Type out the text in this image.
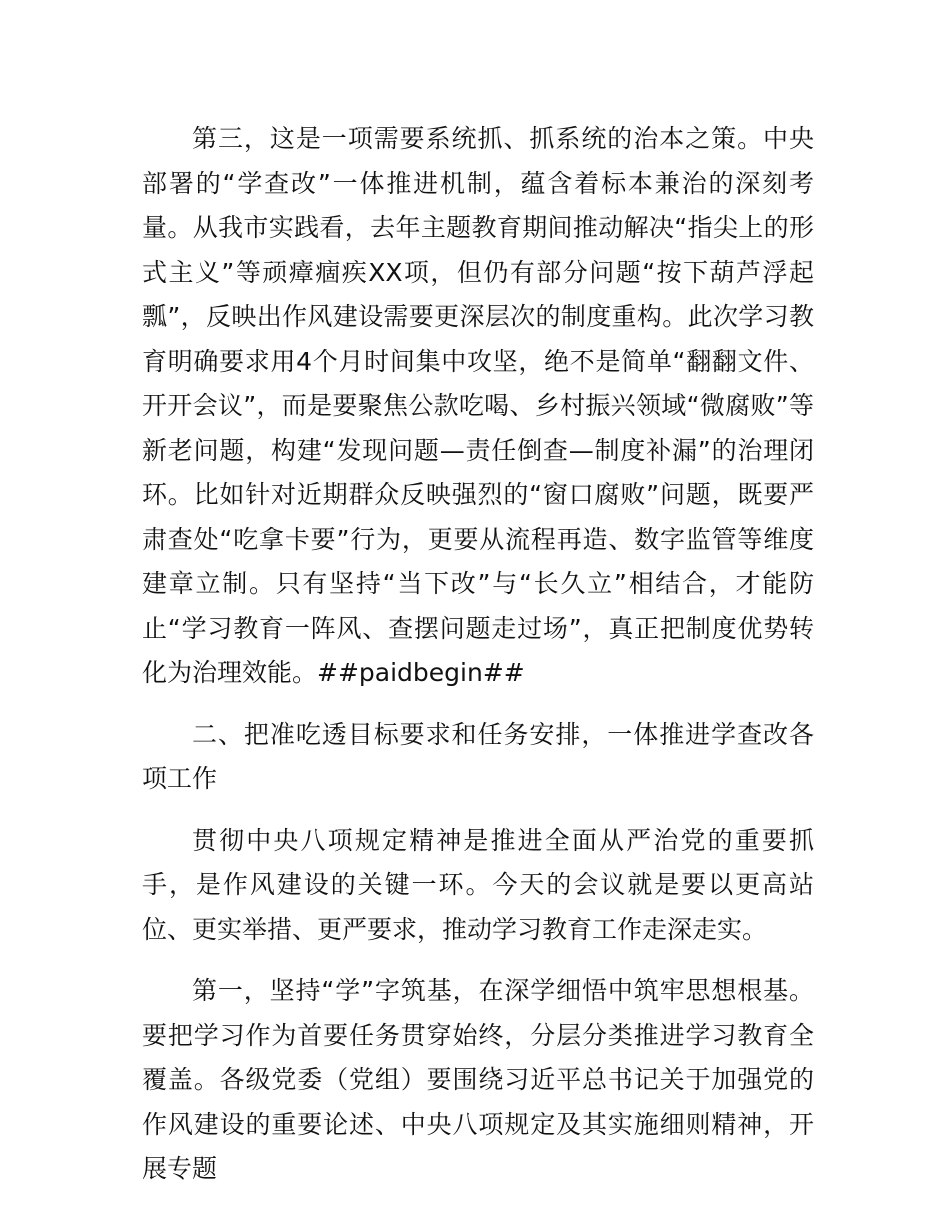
第三，这是一项需要系统抓、抓系统的治本之策。中央部署的“学查改”一体推进机制，蕴含着标本兼治的深刻考量。从我市实践看，去年主题教育期间推动解决“指尖上的形式主义”等顽瘴痼疾XX项，但仍有部分问题“按下葫芦浮起瓢”，反映出作风建设需要更深层次的制度重构。此次学习教育明确要求用4个月时间集中攻坚，绝不是简单“翻翻文件、开开会议”，而是要聚焦公款吃喝、乡村振兴领域“微腐败”等新老问题，构建“发现问题—责任倒查—制度补漏”的治理闭环。比如针对近期群众反映强烈的“窗口腐败”问题，既要严肃查处“吃拿卡要”行为，更要从流程再造、数字监管等维度建章立制。只有坚持“当下改”与“长久立”相结合，才能防止“学习教育一阵风、查摆问题走过场”，真正把制度优势转化为治理效能。##paidbegin##

二、把准吃透目标要求和任务安排，一体推进学查改各项工作

贯彻中央八项规定精神是推进全面从严治党的重要抓手，是作风建设的关键一环。今天的会议就是要以更高站位、更实举措、更严要求，推动学习教育工作走深走实。

第一，坚持“学”字筑基，在深学细悟中筑牢思想根基。要把学习作为首要任务贯穿始终，分层分类推进学习教育全覆盖。各级党委（党组）要围绕习近平总书记关于加强党的作风建设的重要论述、中央八项规定及其实施细则精神，开展专题
